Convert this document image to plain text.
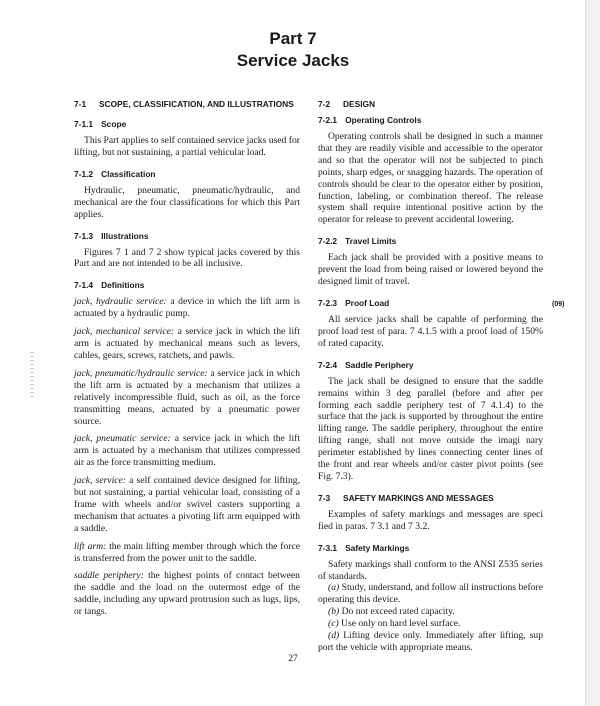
Part 7
Service Jacks
7-1	SCOPE, CLASSIFICATION, AND ILLUSTRATIONS
7-1.1 Scope
This Part applies to self contained service jacks used for lifting, but not sustaining, a partial vehicular load.
7-1.2 Classification
Hydraulic, pneumatic, pneumatic/hydraulic, and mechanical are the four classifications for which this Part applies.
7-1.3 Illustrations
Figures 7 1 and 7 2 show typical jacks covered by this Part and are not intended to be all inclusive.
7-1.4 Definitions
jack, hydraulic service: a device in which the lift arm is actuated by a hydraulic pump.
jack, mechanical service: a service jack in which the lift arm is actuated by mechanical means such as levers, cables, gears, screws, ratchets, and pawls.
jack, pneumatic/hydraulic service: a service jack in which the lift arm is actuated by a mechanism that utilizes a relatively incompressible fluid, such as oil, as the force transmitting means, actuated by a pneumatic power source.
jack, pneumatic service: a service jack in which the lift arm is actuated by a mechanism that utilizes compressed air as the force transmitting medium.
jack, service: a self contained device designed for lifting, but not sustaining, a partial vehicular load, consisting of a frame with wheels and/or swivel casters supporting a mechanism that actuates a pivoting lift arm equipped with a saddle.
lift arm: the main lifting member through which the force is transferred from the power unit to the saddle.
saddle periphery: the highest points of contact between the saddle and the load on the outermost edge of the saddle, including any upward protrusion such as lugs, lips, or tangs.
7-2	DESIGN
7-2.1 Operating Controls
Operating controls shall be designed in such a manner that they are readily visible and accessible to the operator and so that the operator will not be subjected to pinch points, sharp edges, or snagging hazards. The operation of controls should be clear to the operator either by position, function, labeling, or combination thereof. The release system shall require intentional positive action by the operator for release to prevent accidental lowering.
7-2.2 Travel Limits
Each jack shall be provided with a positive means to prevent the load from being raised or lowered beyond the designed limit of travel.
7-2.3 Proof Load
All service jacks shall be capable of performing the proof load test of para. 7 4.1.5 with a proof load of 150% of rated capacity.
7-2.4 Saddle Periphery
The jack shall be designed to ensure that the saddle remains within 3 deg parallel (before and after per forming each saddle periphery test of 7 4.1.4) to the surface that the jack is supported by throughout the entire lifting range. The saddle periphery, throughout the entire lifting range, shall not move outside the imagi nary perimeter established by lines connecting center lines of the front and rear wheels and/or caster pivot points (see Fig. 7.3).
7-3	SAFETY MARKINGS AND MESSAGES
Examples of safety markings and messages are speci fied in paras. 7 3.1 and 7 3.2.
7-3.1 Safety Markings
Safety markings shall conform to the ANSI Z535 series of standards.
(a) Study, understand, and follow all instructions before operating this device.
(b) Do not exceed rated capacity.
(c) Use only on hard level surface.
(d) Lifting device only. Immediately after lifting, sup port the vehicle with appropriate means.
(09)
27
